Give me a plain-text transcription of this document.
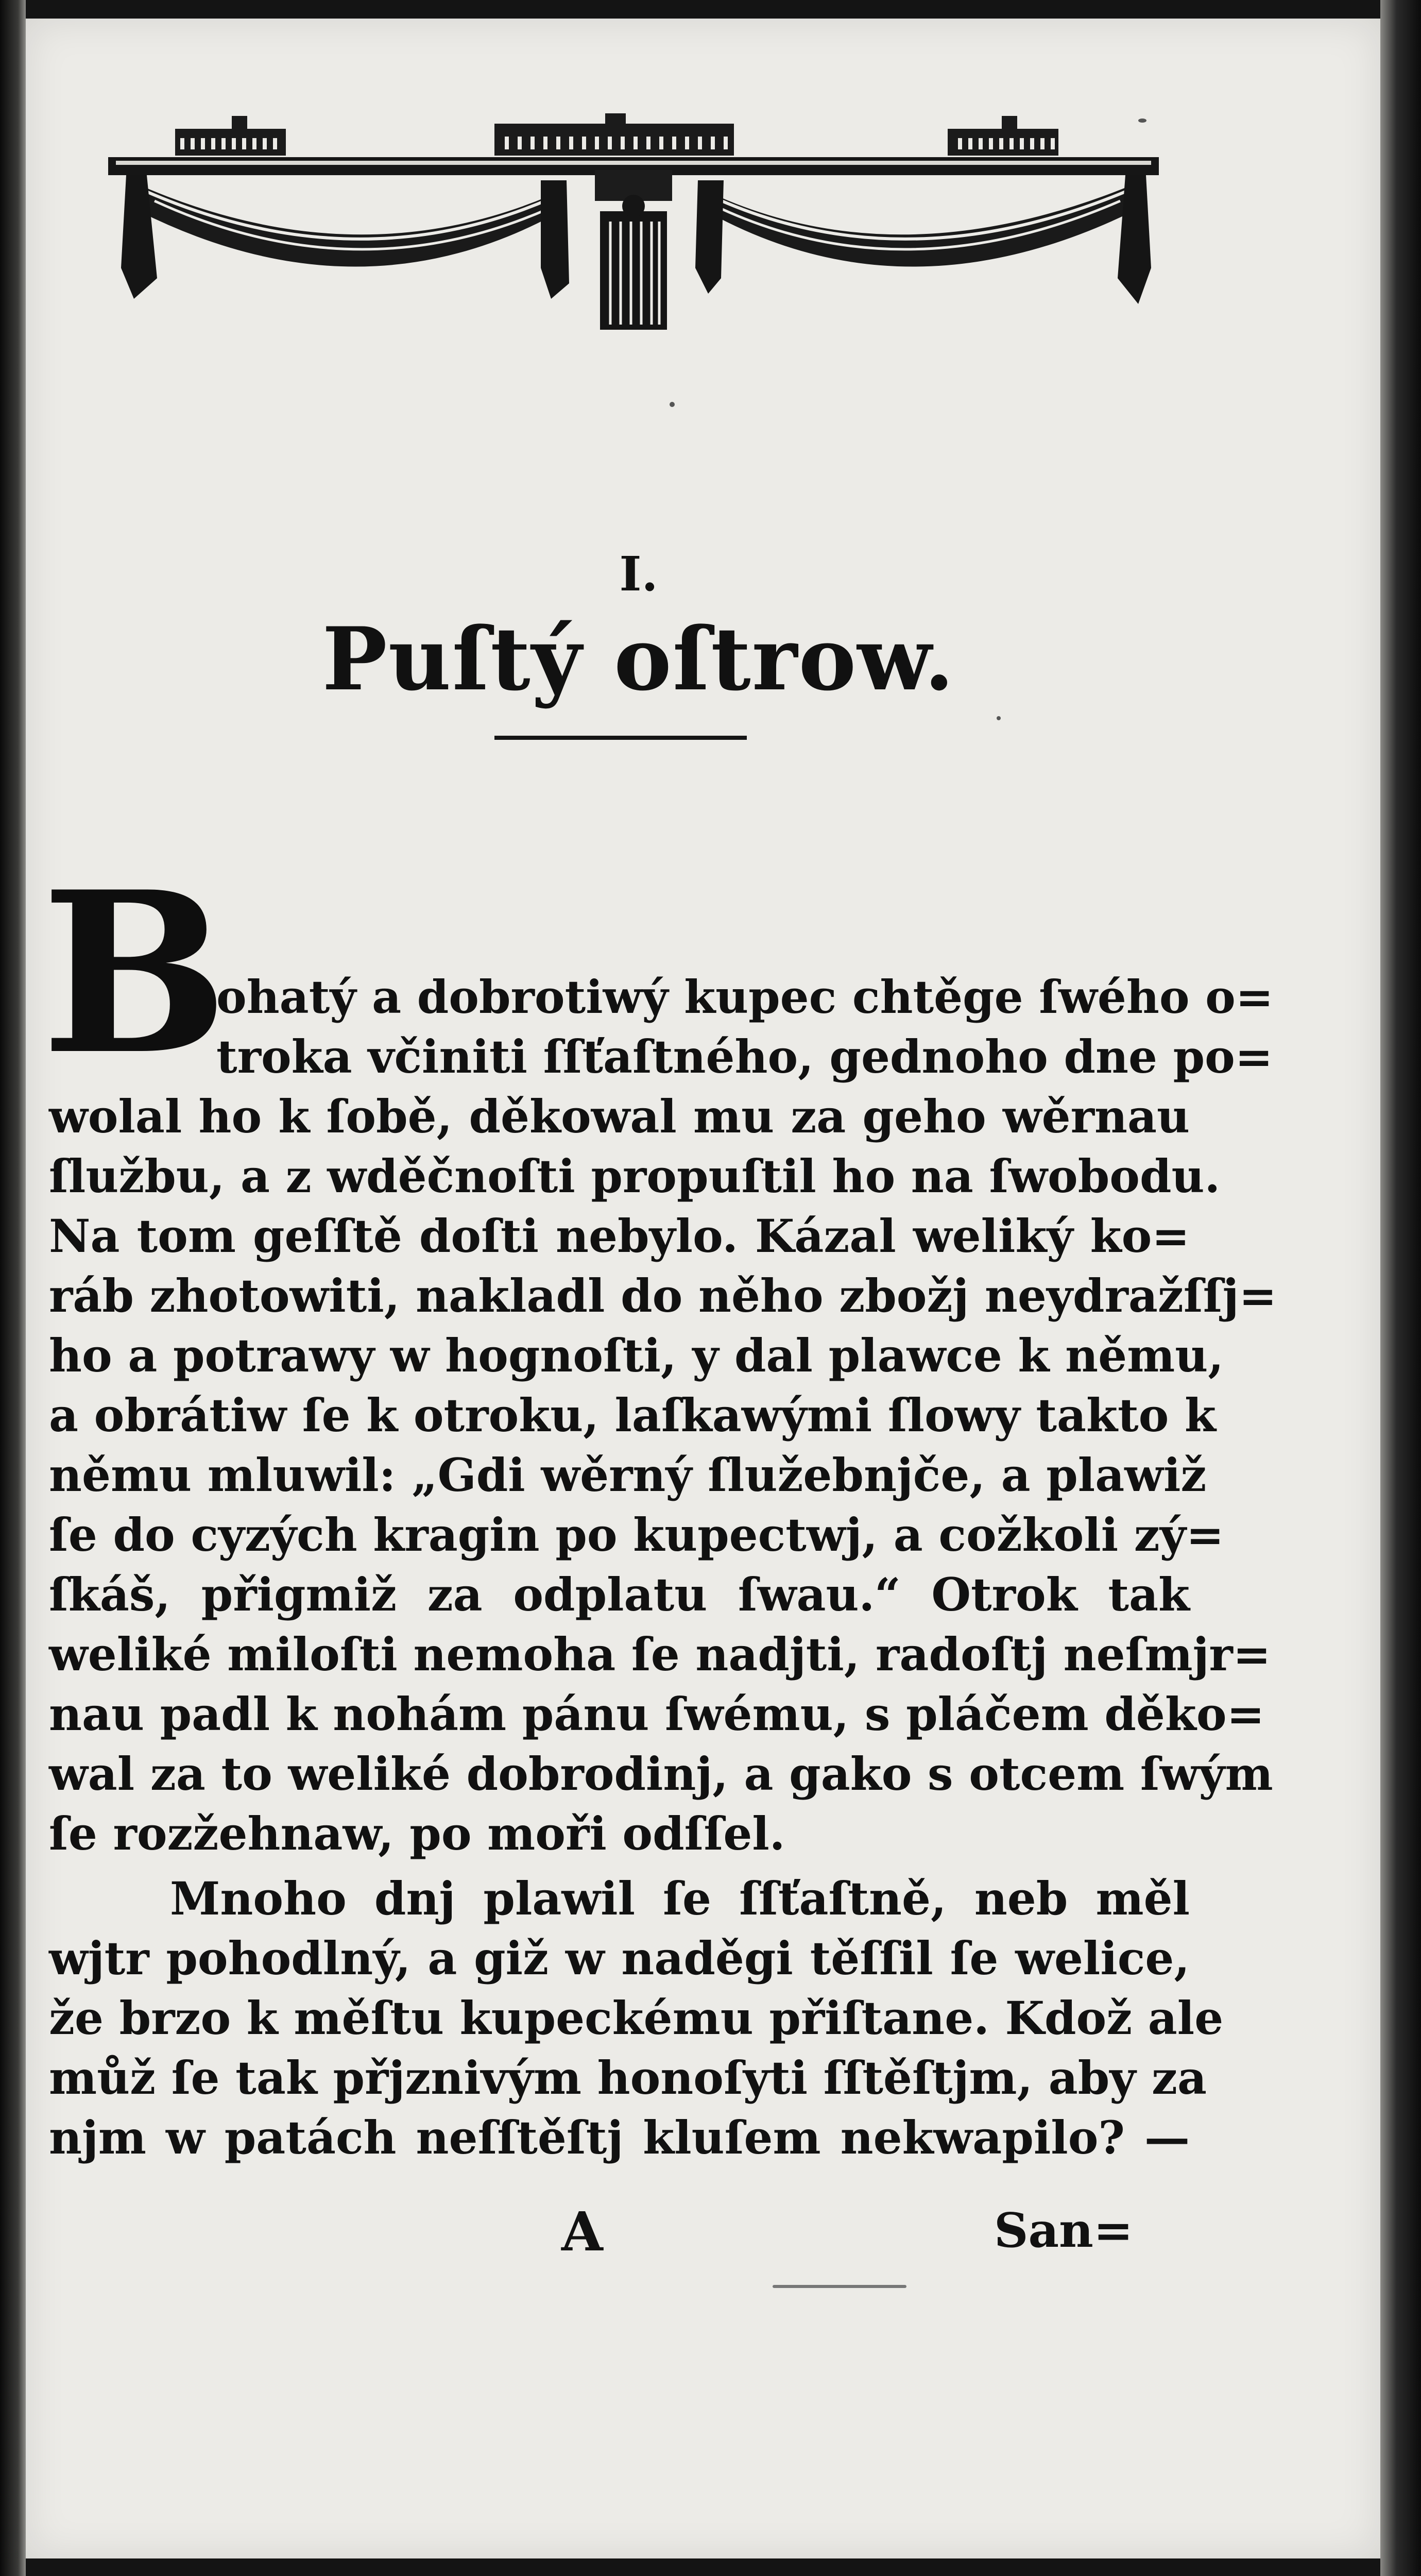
I.
Puſtý oſtrow.
B
ohatý a dobrotiwý kupec chtěge ſwého o=
troka včiniti ſſťaſtného, gednoho dne po=
wolal ho k ſobě, děkowal mu za geho wěrnau
ſlužbu, a z wděčnoſti propuſtil ho na ſwobodu.
Na tom geſſtě doſti nebylo. Kázal weliký ko=
ráb zhotowiti, nakladl do něho zbožj neydražſſj=
ho a potrawy w hognoſti, y dal plawce k němu,
a obrátiw ſe k otroku, laſkawými ſlowy takto k
němu mluwil: „Gdi wěrný ſlužebnjče, a plawiž
ſe do cyzých kragin po kupectwj, a cožkoli zý=
ſkáš, přigmiž za odplatu ſwau.“ Otrok tak
weliké miloſti nemoha ſe nadjti, radoſtj neſmjr=
nau padl k nohám pánu ſwému, s pláčem děko=
wal za to weliké dobrodinj, a gako s otcem ſwým
ſe rozžehnaw, po moři odſſel.
Mnoho dnj plawil ſe ſſťaſtně, neb měl
wjtr pohodlný, a giž w naděgi těſſil ſe welice,
že brzo k měſtu kupeckému přiſtane. Kdož ale
můž ſe tak přjznivým honoſyti ſſtěſtjm, aby za
njm w patách neſſtěſtj kluſem nekwapilo? —
A	San=
